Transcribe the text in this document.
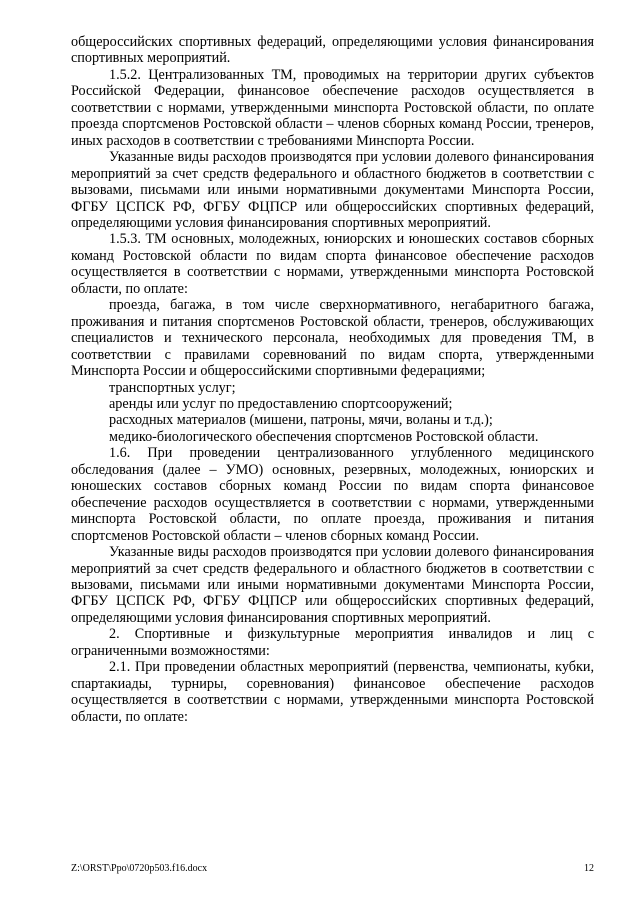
общероссийских спортивных федераций, определяющими условия финансирования спортивных мероприятий.

1.5.2. Централизованных ТМ, проводимых на территории других субъектов Российской Федерации, финансовое обеспечение расходов осуществляется в соответствии с нормами, утвержденными минспорта Ростовской области, по оплате проезда спортсменов Ростовской области – членов сборных команд России, тренеров, иных расходов в соответствии с требованиями Минспорта России.

Указанные виды расходов производятся при условии долевого финансирования мероприятий за счет средств федерального и областного бюджетов в соответствии с вызовами, письмами или иными нормативными документами Минспорта России, ФГБУ ЦСПСК РФ, ФГБУ ФЦПСР или общероссийских спортивных федераций, определяющими условия финансирования спортивных мероприятий.

1.5.3. ТМ основных, молодежных, юниорских и юношеских составов сборных команд Ростовской области по видам спорта финансовое обеспечение расходов осуществляется в соответствии с нормами, утвержденными минспорта Ростовской области, по оплате:

проезда, багажа, в том числе сверхнормативного, негабаритного багажа, проживания и питания спортсменов Ростовской области, тренеров, обслуживающих специалистов и технического персонала, необходимых для проведения ТМ, в соответствии с правилами соревнований по видам спорта, утвержденными Минспорта России и общероссийскими спортивными федерациями;

транспортных услуг;

аренды или услуг по предоставлению спортсооружений;

расходных материалов (мишени, патроны, мячи, воланы и т.д.);

медико-биологического обеспечения спортсменов Ростовской области.

1.6. При проведении централизованного углубленного медицинского обследования (далее – УМО) основных, резервных, молодежных, юниорских и юношеских составов сборных команд России по видам спорта финансовое обеспечение расходов осуществляется в соответствии с нормами, утвержденными минспорта Ростовской области, по оплате проезда, проживания и питания спортсменов Ростовской области – членов сборных команд России.

Указанные виды расходов производятся при условии долевого финансирования мероприятий за счет средств федерального и областного бюджетов в соответствии с вызовами, письмами или иными нормативными документами Минспорта России, ФГБУ ЦСПСК РФ, ФГБУ ФЦПСР или общероссийских спортивных федераций, определяющими условия финансирования спортивных мероприятий.

2. Спортивные и физкультурные мероприятия инвалидов и лиц с ограниченными возможностями:

2.1. При проведении областных мероприятий (первенства, чемпионаты, кубки, спартакиады, турниры, соревнования) финансовое обеспечение расходов осуществляется в соответствии с нормами, утвержденными минспорта Ростовской области, по оплате:

Z:\ORST\Ppo\0720p503.f16.docx	12
